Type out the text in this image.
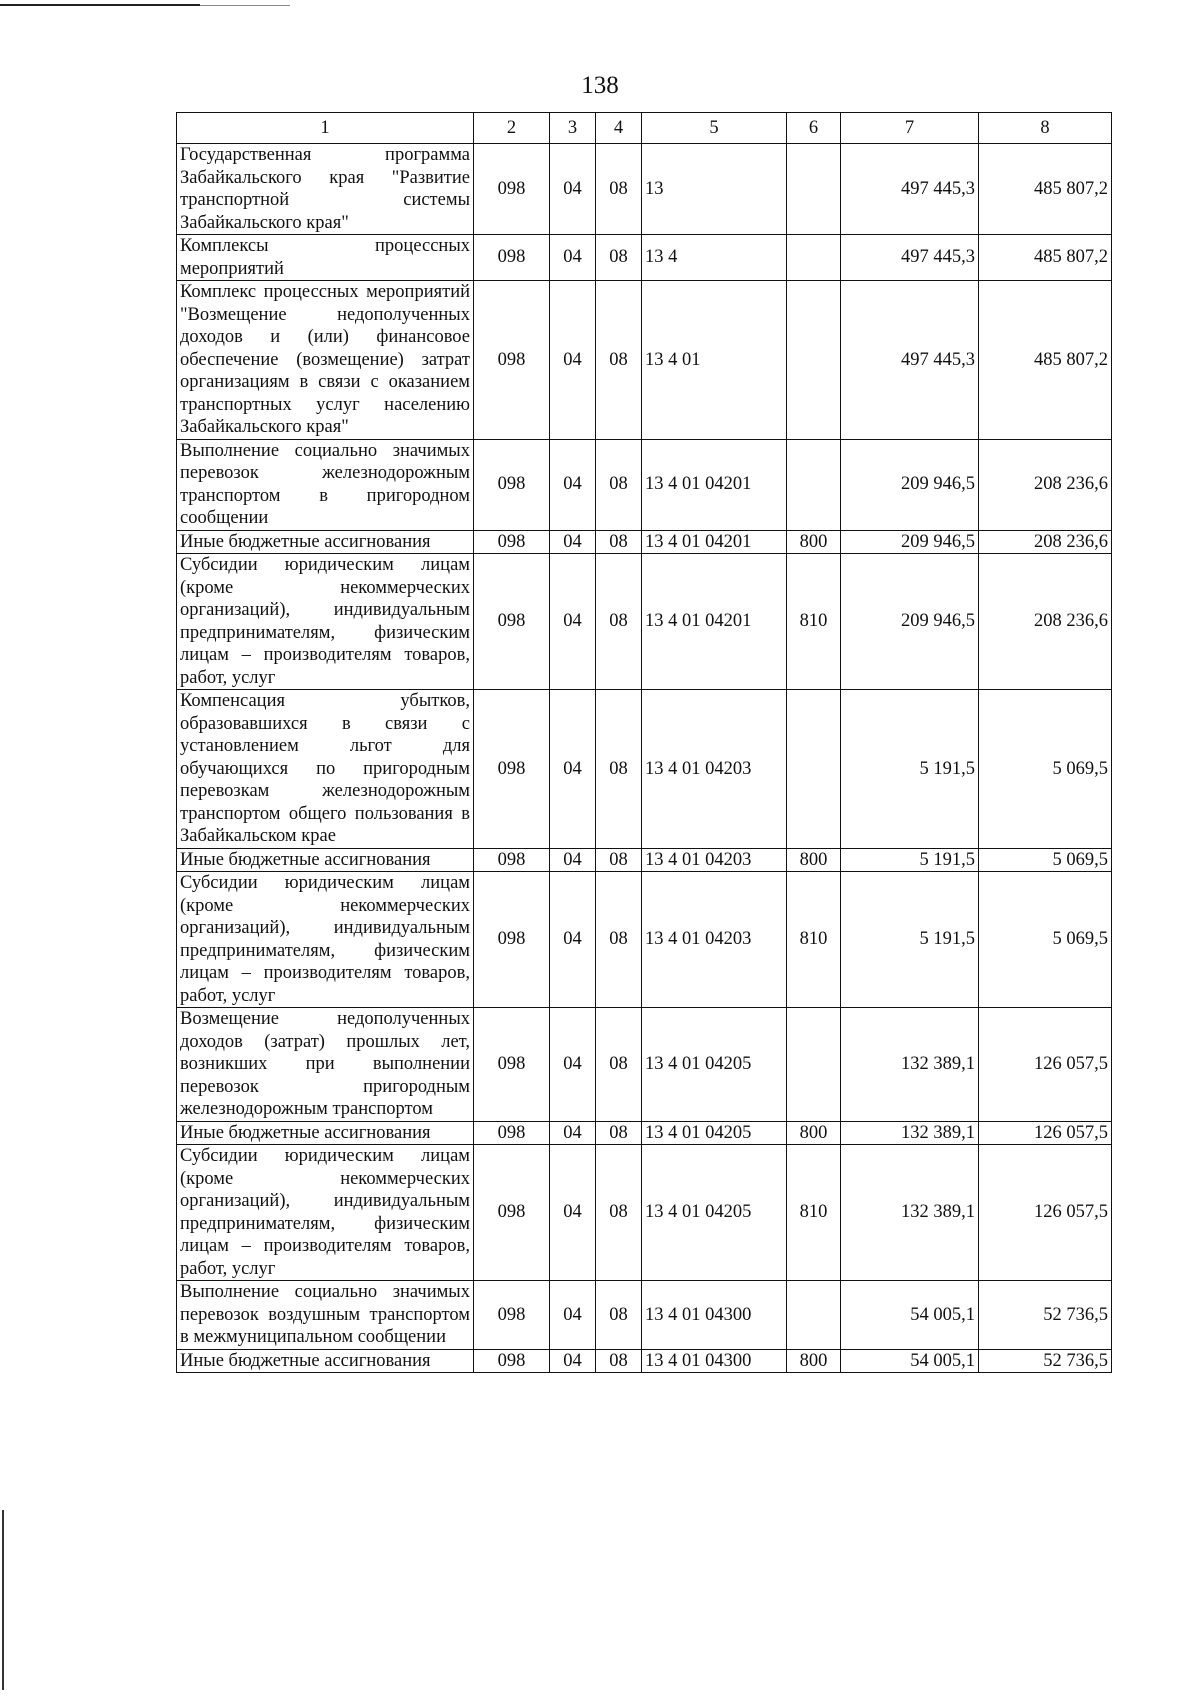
138
1	2	3	4	5	6	7	8
Государственная программа Забайкальского края "Развитие транспортной системы Забайкальского края"	098	04	08	13		497 445,3	485 807,2
Комплексы процессных мероприятий	098	04	08	13 4		497 445,3	485 807,2
Комплекс процессных мероприятий "Возмещение недополученных доходов и (или) финансовое обеспечение (возмещение) затрат организациям в связи с оказанием транспортных услуг населению Забайкальского края"	098	04	08	13 4 01		497 445,3	485 807,2
Выполнение социально значимых перевозок железнодорожным транспортом в пригородном сообщении	098	04	08	13 4 01 04201		209 946,5	208 236,6
Иные бюджетные ассигнования	098	04	08	13 4 01 04201	800	209 946,5	208 236,6
Субсидии юридическим лицам (кроме некоммерческих организаций), индивидуальным предпринимателям, физическим лицам – производителям товаров, работ, услуг	098	04	08	13 4 01 04201	810	209 946,5	208 236,6
Компенсация убытков, образовавшихся в связи с установлением льгот для обучающихся по пригородным перевозкам железнодорожным транспортом общего пользования в Забайкальском крае	098	04	08	13 4 01 04203		5 191,5	5 069,5
Иные бюджетные ассигнования	098	04	08	13 4 01 04203	800	5 191,5	5 069,5
Субсидии юридическим лицам (кроме некоммерческих организаций), индивидуальным предпринимателям, физическим лицам – производителям товаров, работ, услуг	098	04	08	13 4 01 04203	810	5 191,5	5 069,5
Возмещение недополученных доходов (затрат) прошлых лет, возникших при выполнении перевозок пригородным железнодорожным транспортом	098	04	08	13 4 01 04205		132 389,1	126 057,5
Иные бюджетные ассигнования	098	04	08	13 4 01 04205	800	132 389,1	126 057,5
Субсидии юридическим лицам (кроме некоммерческих организаций), индивидуальным предпринимателям, физическим лицам – производителям товаров, работ, услуг	098	04	08	13 4 01 04205	810	132 389,1	126 057,5
Выполнение социально значимых перевозок воздушным транспортом в межмуниципальном сообщении	098	04	08	13 4 01 04300		54 005,1	52 736,5
Иные бюджетные ассигнования	098	04	08	13 4 01 04300	800	54 005,1	52 736,5
